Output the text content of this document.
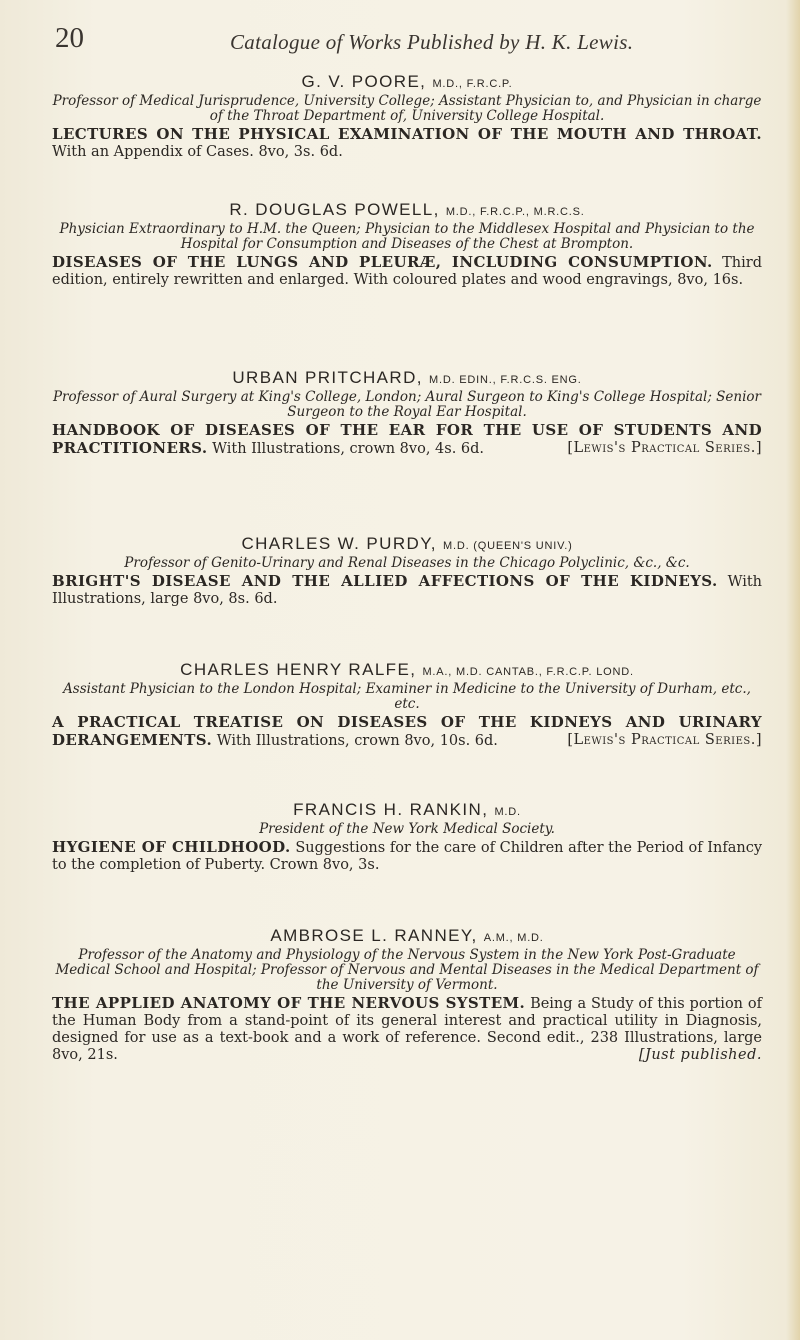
20	Catalogue of Works Published by H. K. Lewis.
G. V. POORE, M.D., F.R.C.P.
Professor of Medical Jurisprudence, University College; Assistant Physician to, and Physician in charge of the Throat Department of, University College Hospital.
LECTURES ON THE PHYSICAL EXAMINATION OF THE MOUTH AND THROAT. With an Appendix of Cases. 8vo, 3s. 6d.
R. DOUGLAS POWELL, M.D., F.R.C.P., M.R.C.S.
Physician Extraordinary to H.M. the Queen; Physician to the Middlesex Hospital and Physician to the Hospital for Consumption and Diseases of the Chest at Brompton.
DISEASES OF THE LUNGS AND PLEURÆ, INCLUDING CONSUMPTION. Third edition, entirely rewritten and enlarged. With coloured plates and wood engravings, 8vo, 16s.
URBAN PRITCHARD, M.D. EDIN., F.R.C.S. ENG.
Professor of Aural Surgery at King's College, London; Aural Surgeon to King's College Hospital; Senior Surgeon to the Royal Ear Hospital.
HANDBOOK OF DISEASES OF THE EAR FOR THE USE OF STUDENTS AND PRACTITIONERS. With Illustrations, crown 8vo, 4s. 6d.	[Lewis's Practical Series.]
CHARLES W. PURDY, M.D. (QUEEN'S UNIV.)
Professor of Genito-Urinary and Renal Diseases in the Chicago Polyclinic, &c., &c.
BRIGHT'S DISEASE AND THE ALLIED AFFECTIONS OF THE KIDNEYS. With Illustrations, large 8vo, 8s. 6d.
CHARLES HENRY RALFE, M.A., M.D. CANTAB., F.R.C.P. LOND.
Assistant Physician to the London Hospital; Examiner in Medicine to the University of Durham, etc., etc.
A PRACTICAL TREATISE ON DISEASES OF THE KIDNEYS AND URINARY DERANGEMENTS. With Illustrations, crown 8vo, 10s. 6d.	[Lewis's Practical Series.]
FRANCIS H. RANKIN, M.D.
President of the New York Medical Society.
HYGIENE OF CHILDHOOD. Suggestions for the care of Children after the Period of Infancy to the completion of Puberty. Crown 8vo, 3s.
AMBROSE L. RANNEY, A.M., M.D.
Professor of the Anatomy and Physiology of the Nervous System in the New York Post-Graduate Medical School and Hospital; Professor of Nervous and Mental Diseases in the Medical Department of the University of Vermont.
THE APPLIED ANATOMY OF THE NERVOUS SYSTEM. Being a Study of this portion of the Human Body from a stand-point of its general interest and practical utility in Diagnosis, designed for use as a text-book and a work of reference. Second edit., 238 Illustrations, large 8vo, 21s.	[Just published.
